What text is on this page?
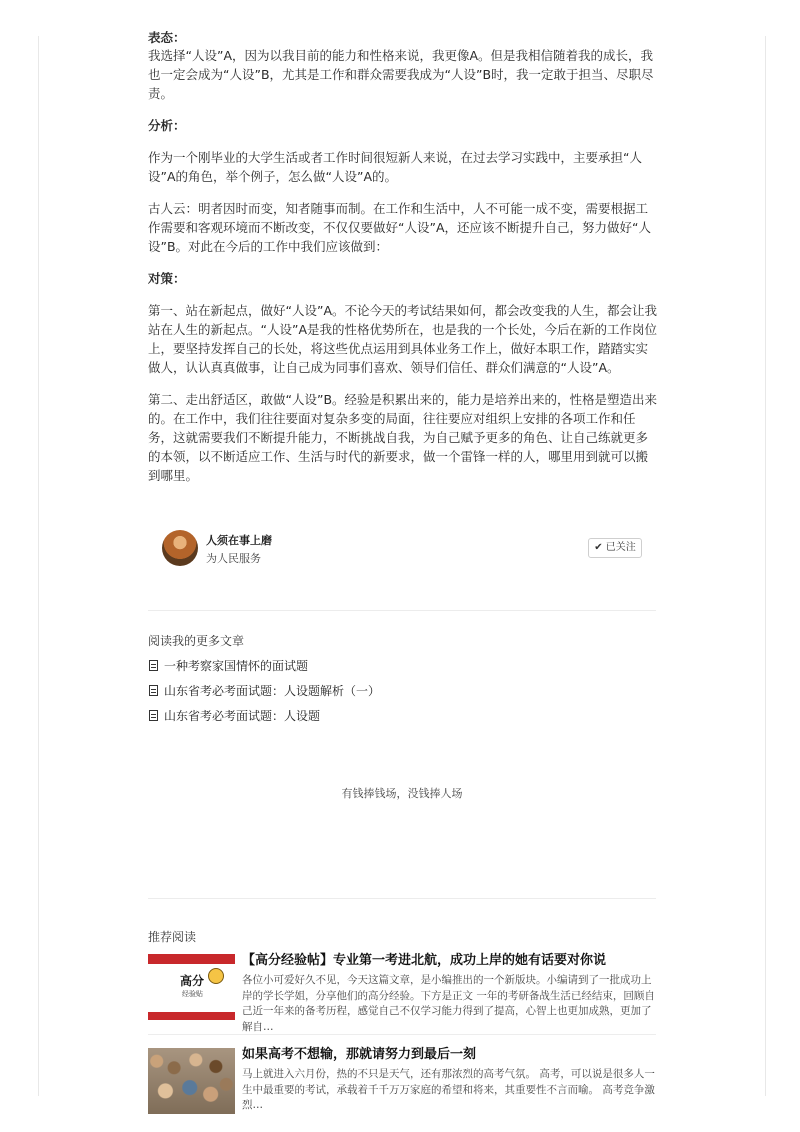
表态：

我选择“人设”A，因为以我目前的能力和性格来说，我更像A。但是我相信随着我的成长，我也一定会成为“人设”B，尤其是工作和群众需要我成为“人设”B时，我一定敢于担当、尽职尽责。

分析：

作为一个刚毕业的大学生活或者工作时间很短新人来说，在过去学习实践中，主要承担“人设”A的角色，举个例子，怎么做“人设”A的。

古人云：明者因时而变，知者随事而制。在工作和生活中，人不可能一成不变，需要根据工作需要和客观环境而不断改变，不仅仅要做好“人设”A，还应该不断提升自己，努力做好“人设”B。对此在今后的工作中我们应该做到：

对策：

第一、站在新起点，做好“人设”A。不论今天的考试结果如何，都会改变我的人生，都会让我站在人生的新起点。“人设”A是我的性格优势所在，也是我的一个长处，今后在新的工作岗位上，要坚持发挥自己的长处，将这些优点运用到具体业务工作上，做好本职工作，踏踏实实做人，认认真真做事，让自己成为同事们喜欢、领导们信任、群众们满意的“人设”A。

第二、走出舒适区，敢做“人设”B。经验是积累出来的，能力是培养出来的，性格是塑造出来的。在工作中，我们往往要面对复杂多变的局面，往往要应对组织上安排的各项工作和任务，这就需要我们不断提升能力，不断挑战自我，为自己赋予更多的角色、让自己练就更多的本领，以不断适应工作、生活与时代的新要求，做一个雷锋一样的人，哪里用到就可以搬到哪里。

人须在事上磨
为人民服务
✔ 已关注
阅读我的更多文章
一种考察家国情怀的面试题
山东省考必考面试题：人设题解析（一）
山东省考必考面试题：人设题
有钱捧钱场，没钱捧人场
推荐阅读
高分
经验贴
【高分经验帖】专业第一考进北航，成功上岸的她有话要对你说
各位小可爱好久不见，今天这篇文章，是小编推出的一个新版块。小编请到了一批成功上岸的学长学姐，分享他们的高分经验。下方是正文 一年的考研备战生活已经结束，回顾自己近一年来的备考历程，感觉自己不仅学习能力得到了提高，心智上也更加成熟，更加了解自…
如果高考不想输，那就请努力到最后一刻
马上就进入六月份，热的不只是天气，还有那浓烈的高考气氛。 高考，可以说是很多人一生中最重要的考试，承载着千千万万家庭的希望和将来，其重要性不言而喻。 高考竞争激烈…
